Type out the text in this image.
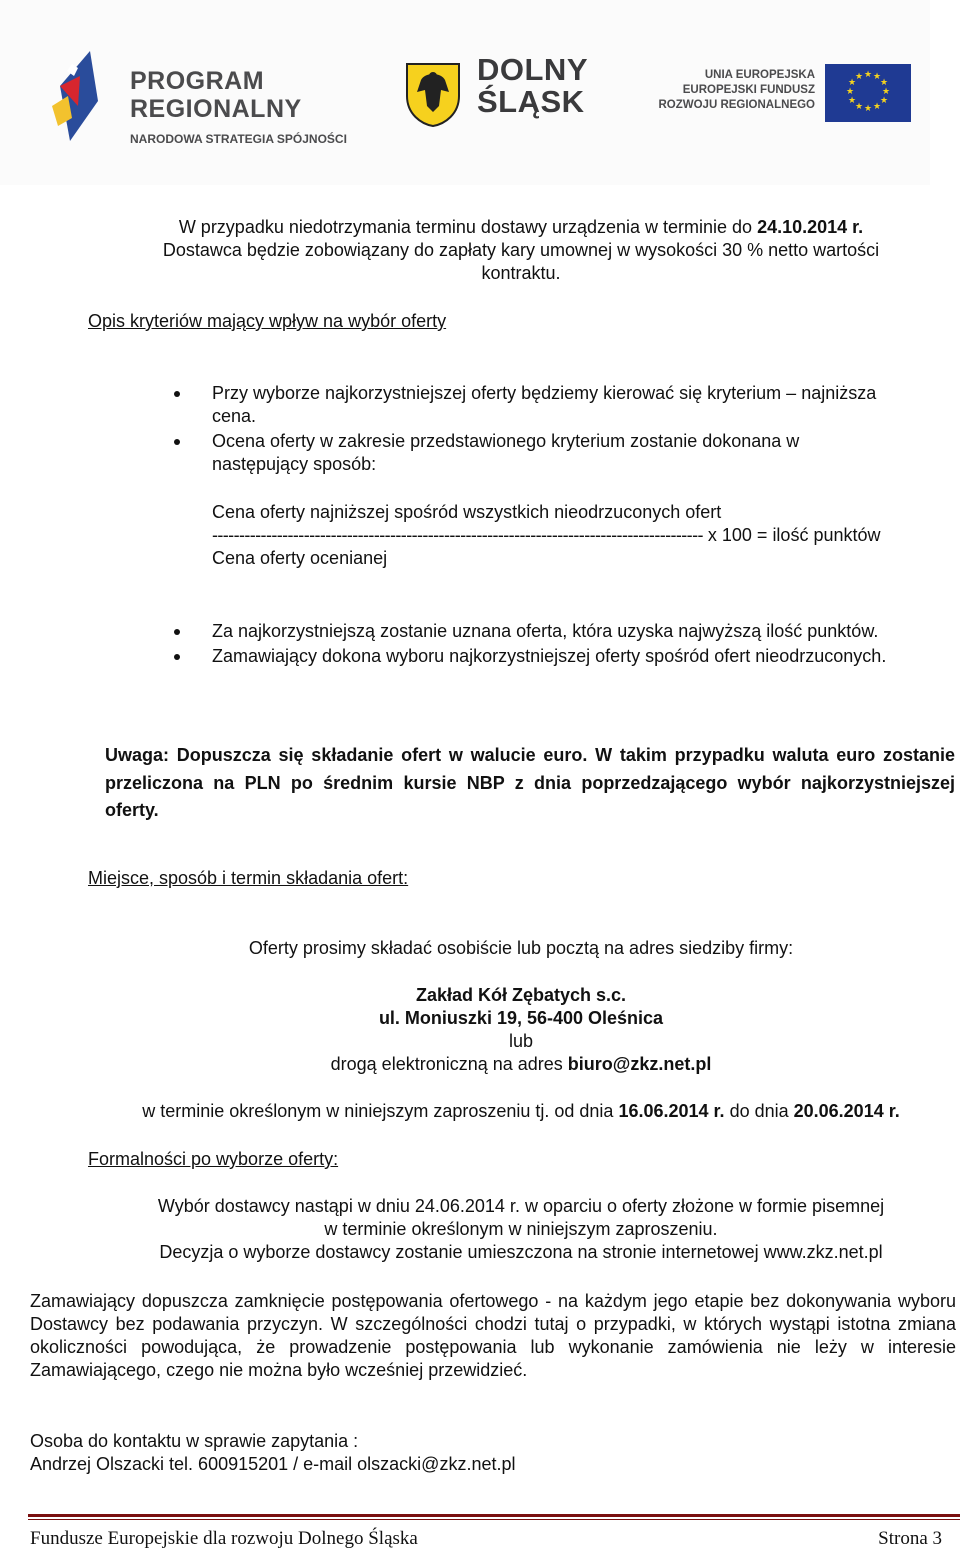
PROGRAM
REGIONALNY
NARODOWA STRATEGIA SPÓJNOŚCI
DOLNY
ŚLĄSK
UNIA EUROPEJSKA
EUROPEJSKI FUNDUSZ
ROZWOJU REGIONALNEGO
★ ★
★
★
★
★
★
★
★
★
★
★
W przypadku niedotrzymania terminu dostawy urządzenia w terminie do 24.10.2014 r.
Dostawca będzie zobowiązany do zapłaty kary umownej w wysokości 30 % netto wartości
kontraktu.
Opis kryteriów mający wpływ na wybór oferty
Przy wyborze najkorzystniejszej oferty będziemy kierować się kryterium – najniższa cena.
Ocena oferty w zakresie przedstawionego kryterium zostanie dokonana w następujący sposób:
Cena oferty najniższej spośród wszystkich nieodrzuconych ofert
------------------------------------------------------------------------------------------- x 100 = ilość punktów
Cena oferty ocenianej
Za najkorzystniejszą zostanie uznana oferta, która uzyska najwyższą ilość punktów.
Zamawiający dokona wyboru najkorzystniejszej oferty spośród ofert nieodrzuconych.
Uwaga: Dopuszcza się składanie ofert w walucie euro. W takim przypadku waluta euro zostanie przeliczona na PLN po średnim kursie NBP z dnia poprzedzającego wybór najkorzystniejszej oferty.
Miejsce, sposób i termin składania ofert:
Oferty prosimy składać osobiście lub pocztą na adres siedziby firmy:
Zakład Kół Zębatych s.c.
ul. Moniuszki 19, 56-400 Oleśnica
lub
drogą elektroniczną na adres biuro@zkz.net.pl
w terminie określonym w niniejszym zaproszeniu tj. od dnia 16.06.2014 r. do dnia 20.06.2014 r.
Formalności po wyborze oferty:
Wybór dostawcy nastąpi w dniu 24.06.2014 r. w oparciu o oferty złożone w formie pisemnej
w terminie określonym w niniejszym zaproszeniu.
Decyzja o wyborze dostawcy zostanie umieszczona na stronie internetowej www.zkz.net.pl
Zamawiający dopuszcza zamknięcie postępowania ofertowego - na każdym jego etapie bez dokonywania wyboru Dostawcy bez podawania przyczyn. W szczególności chodzi tutaj o przypadki, w których wystąpi istotna zmiana okoliczności powodująca, że prowadzenie postępowania lub wykonanie zamówienia nie leży w interesie Zamawiającego, czego nie można było wcześniej przewidzieć.
Osoba do kontaktu w sprawie zapytania :
Andrzej Olszacki tel. 600915201 / e-mail olszacki@zkz.net.pl
Fundusze Europejskie dla rozwoju Dolnego Śląska	Strona 3
